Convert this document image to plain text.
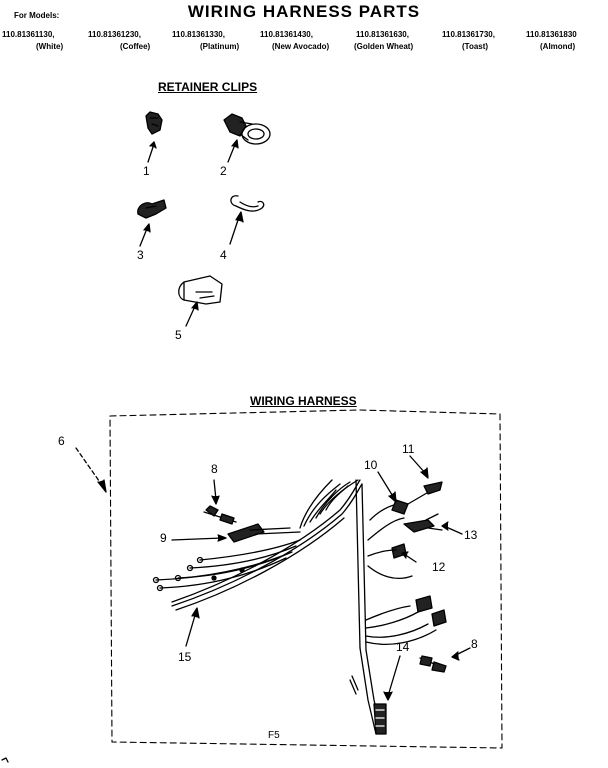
WIRING HARNESS PARTS
For Models:
110.81361130,	110.81361230,	110.81361330,	110.81361430,	110.81361630,	110.81361730,	110.81361830
(White)	(Coffee)	(Platinum)	(New Avocado)	(Golden Wheat)	(Toast)	(Almond)
RETAINER CLIPS
1	2
3	4
5
WIRING HARNESS
6
8
9
10
11
12
13
14
15
8
F5
